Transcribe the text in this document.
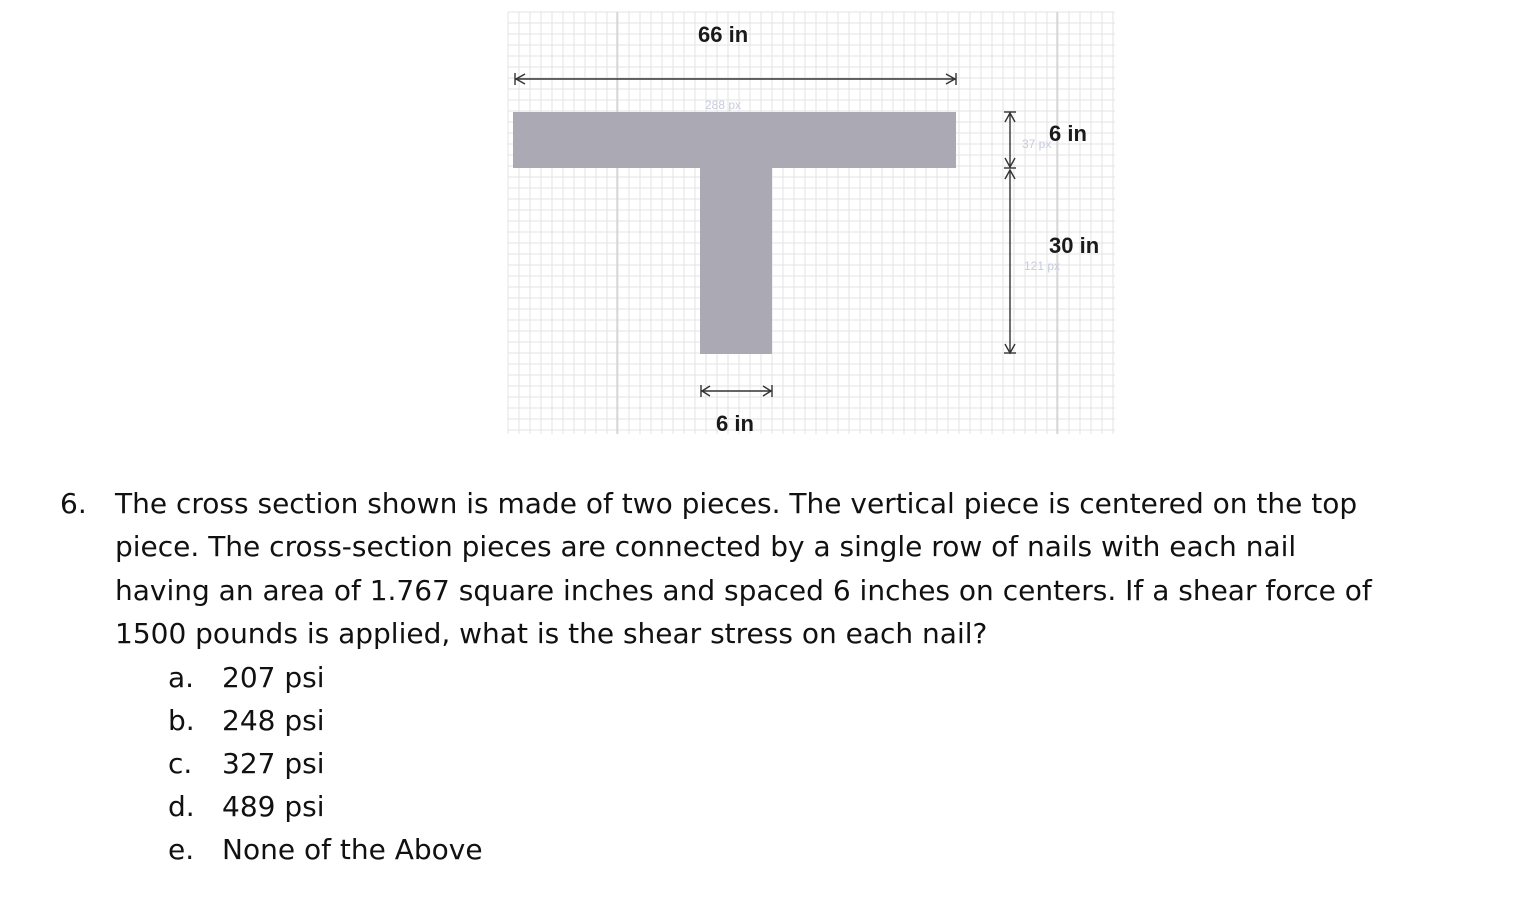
288 px
37 px
121 px
66 in
6 in
30 in
6 in
6. The cross section shown is made of two pieces. The vertical piece is centered on the top
piece. The cross-section pieces are connected by a single row of nails with each nail
having an area of 1.767 square inches and spaced 6 inches on centers. If a shear force of
1500 pounds is applied, what is the shear stress on each nail?
a. 207 psi
b. 248 psi
c. 327 psi
d. 489 psi
e. None of the Above
